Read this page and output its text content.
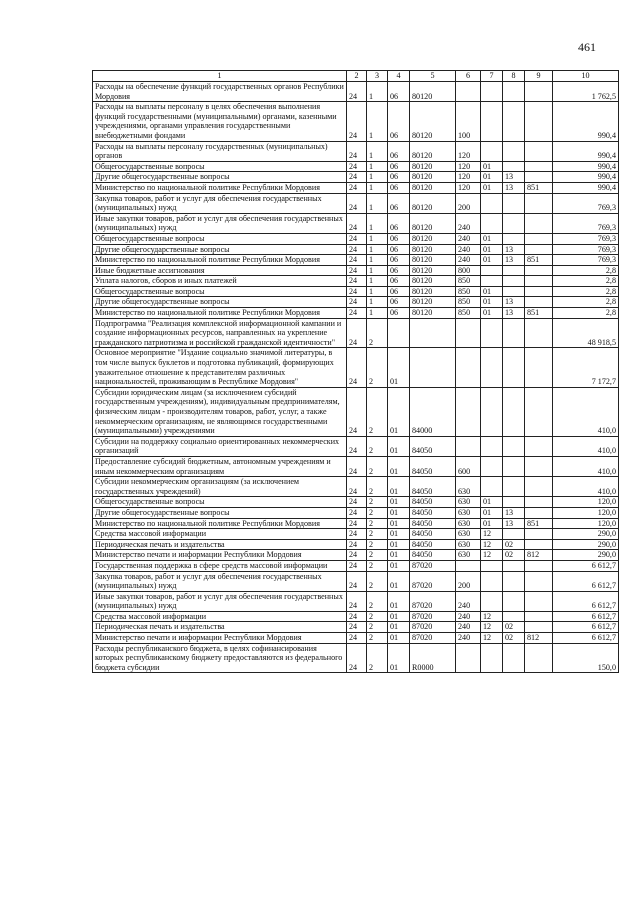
461
1	2	3	4	5	6	7	8	9	10
Расходы на обеспечение функций государственных органов Республики Мордовия	24	1	06	80120					1 762,5
Расходы на выплаты персоналу в целях обеспечения выполнения функций государственными (муниципальными) органами, казенными учреждениями, органами управления государственными внебюджетными фондами	24	1	06	80120	100				990,4
Расходы на выплаты персоналу государственных (муниципальных) органов	24	1	06	80120	120				990,4
Общегосударственные вопросы	24	1	06	80120	120	01			990,4
Другие общегосударственные вопросы	24	1	06	80120	120	01	13		990,4
Министерство по национальной политике Республики Мордовия	24	1	06	80120	120	01	13	851	990,4
Закупка товаров, работ и услуг для обеспечения государственных (муниципальных) нужд	24	1	06	80120	200				769,3
Иные закупки товаров, работ и услуг для обеспечения государственных (муниципальных) нужд	24	1	06	80120	240				769,3
Общегосударственные вопросы	24	1	06	80120	240	01			769,3
Другие общегосударственные вопросы	24	1	06	80120	240	01	13		769,3
Министерство по национальной политике Республики Мордовия	24	1	06	80120	240	01	13	851	769,3
Иные бюджетные ассигнования	24	1	06	80120	800				2,8
Уплата налогов, сборов и иных платежей	24	1	06	80120	850				2,8
Общегосударственные вопросы	24	1	06	80120	850	01			2,8
Другие общегосударственные вопросы	24	1	06	80120	850	01	13		2,8
Министерство по национальной политике Республики Мордовия	24	1	06	80120	850	01	13	851	2,8
Подпрограмма "Реализация комплексной информационной кампании и создание информационных ресурсов, направленных на укрепление гражданского патриотизма и российской гражданской идентичности"	24	2							48 918,5
Основное мероприятие "Издание социально значимой литературы, в том числе выпуск буклетов и подготовка публикаций, формирующих уважительное отношение к представителям различных национальностей, проживающим в Республике Мордовия"	24	2	01						7 172,7
Субсидии юридическим лицам (за исключением субсидий государственным учреждениям), индивидуальным предпринимателям, физическим лицам - производителям товаров, работ, услуг, а также некоммерческим организациям, не являющимся государственными (муниципальными) учреждениями	24	2	01	84000					410,0
Субсидии на поддержку социально ориентированных некоммерческих организаций	24	2	01	84050					410,0
Предоставление субсидий бюджетным, автономным учреждениям и иным некоммерческим организациям	24	2	01	84050	600				410,0
Субсидии некоммерческим организациям (за исключением государственных учреждений)	24	2	01	84050	630				410,0
Общегосударственные вопросы	24	2	01	84050	630	01			120,0
Другие общегосударственные вопросы	24	2	01	84050	630	01	13		120,0
Министерство по национальной политике Республики Мордовия	24	2	01	84050	630	01	13	851	120,0
Средства массовой информации	24	2	01	84050	630	12			290,0
Периодическая печать и издательства	24	2	01	84050	630	12	02		290,0
Министерство печати и информации Республики Мордовия	24	2	01	84050	630	12	02	812	290,0
Государственная поддержка в сфере средств массовой информации	24	2	01	87020					6 612,7
Закупка товаров, работ и услуг для обеспечения государственных (муниципальных) нужд	24	2	01	87020	200				6 612,7
Иные закупки товаров, работ и услуг для обеспечения государственных (муниципальных) нужд	24	2	01	87020	240				6 612,7
Средства массовой информации	24	2	01	87020	240	12			6 612,7
Периодическая печать и издательства	24	2	01	87020	240	12	02		6 612,7
Министерство печати и информации Республики Мордовия	24	2	01	87020	240	12	02	812	6 612,7
Расходы республиканского бюджета, в целях софинансирования которых республиканскому бюджету предоставляются из федерального бюджета субсидии	24	2	01	R0000					150,0
